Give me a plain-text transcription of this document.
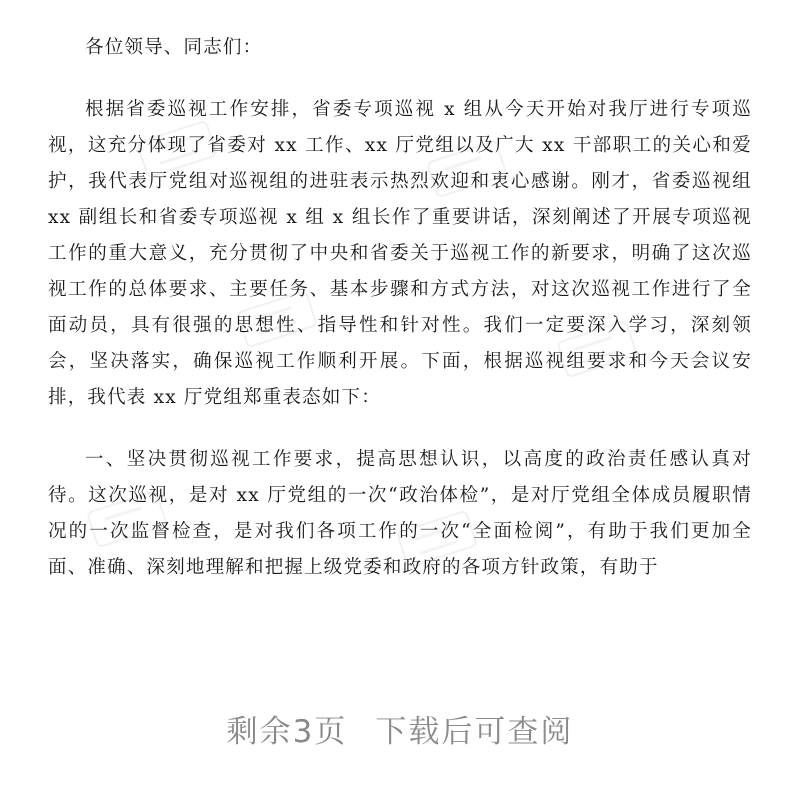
各位领导、同志们：

根据省委巡视工作安排，省委专项巡视 x 组从今天开始对我厅进行专项巡视，这充分体现了省委对 xx 工作、xx 厅党组以及广大 xx 干部职工的关心和爱护，我代表厅党组对巡视组的进驻表示热烈欢迎和衷心感谢。刚才，省委巡视组 xx 副组长和省委专项巡视 x 组 x 组长作了重要讲话，深刻阐述了开展专项巡视工作的重大意义，充分贯彻了中央和省委关于巡视工作的新要求，明确了这次巡视工作的总体要求、主要任务、基本步骤和方式方法，对这次巡视工作进行了全面动员，具有很强的思想性、指导性和针对性。我们一定要深入学习，深刻领会，坚决落实，确保巡视工作顺利开展。下面，根据巡视组要求和今天会议安排，我代表 xx 厅党组郑重表态如下：

一、坚决贯彻巡视工作要求，提高思想认识，以高度的政治责任感认真对待。这次巡视，是对 xx 厅党组的一次“政治体检”，是对厅党组全体成员履职情况的一次监督检查，是对我们各项工作的一次“全面检阅”，有助于我们更加全面、准确、深刻地理解和把握上级党委和政府的各项方针政策，有助于

剩余3页 下载后可查阅
